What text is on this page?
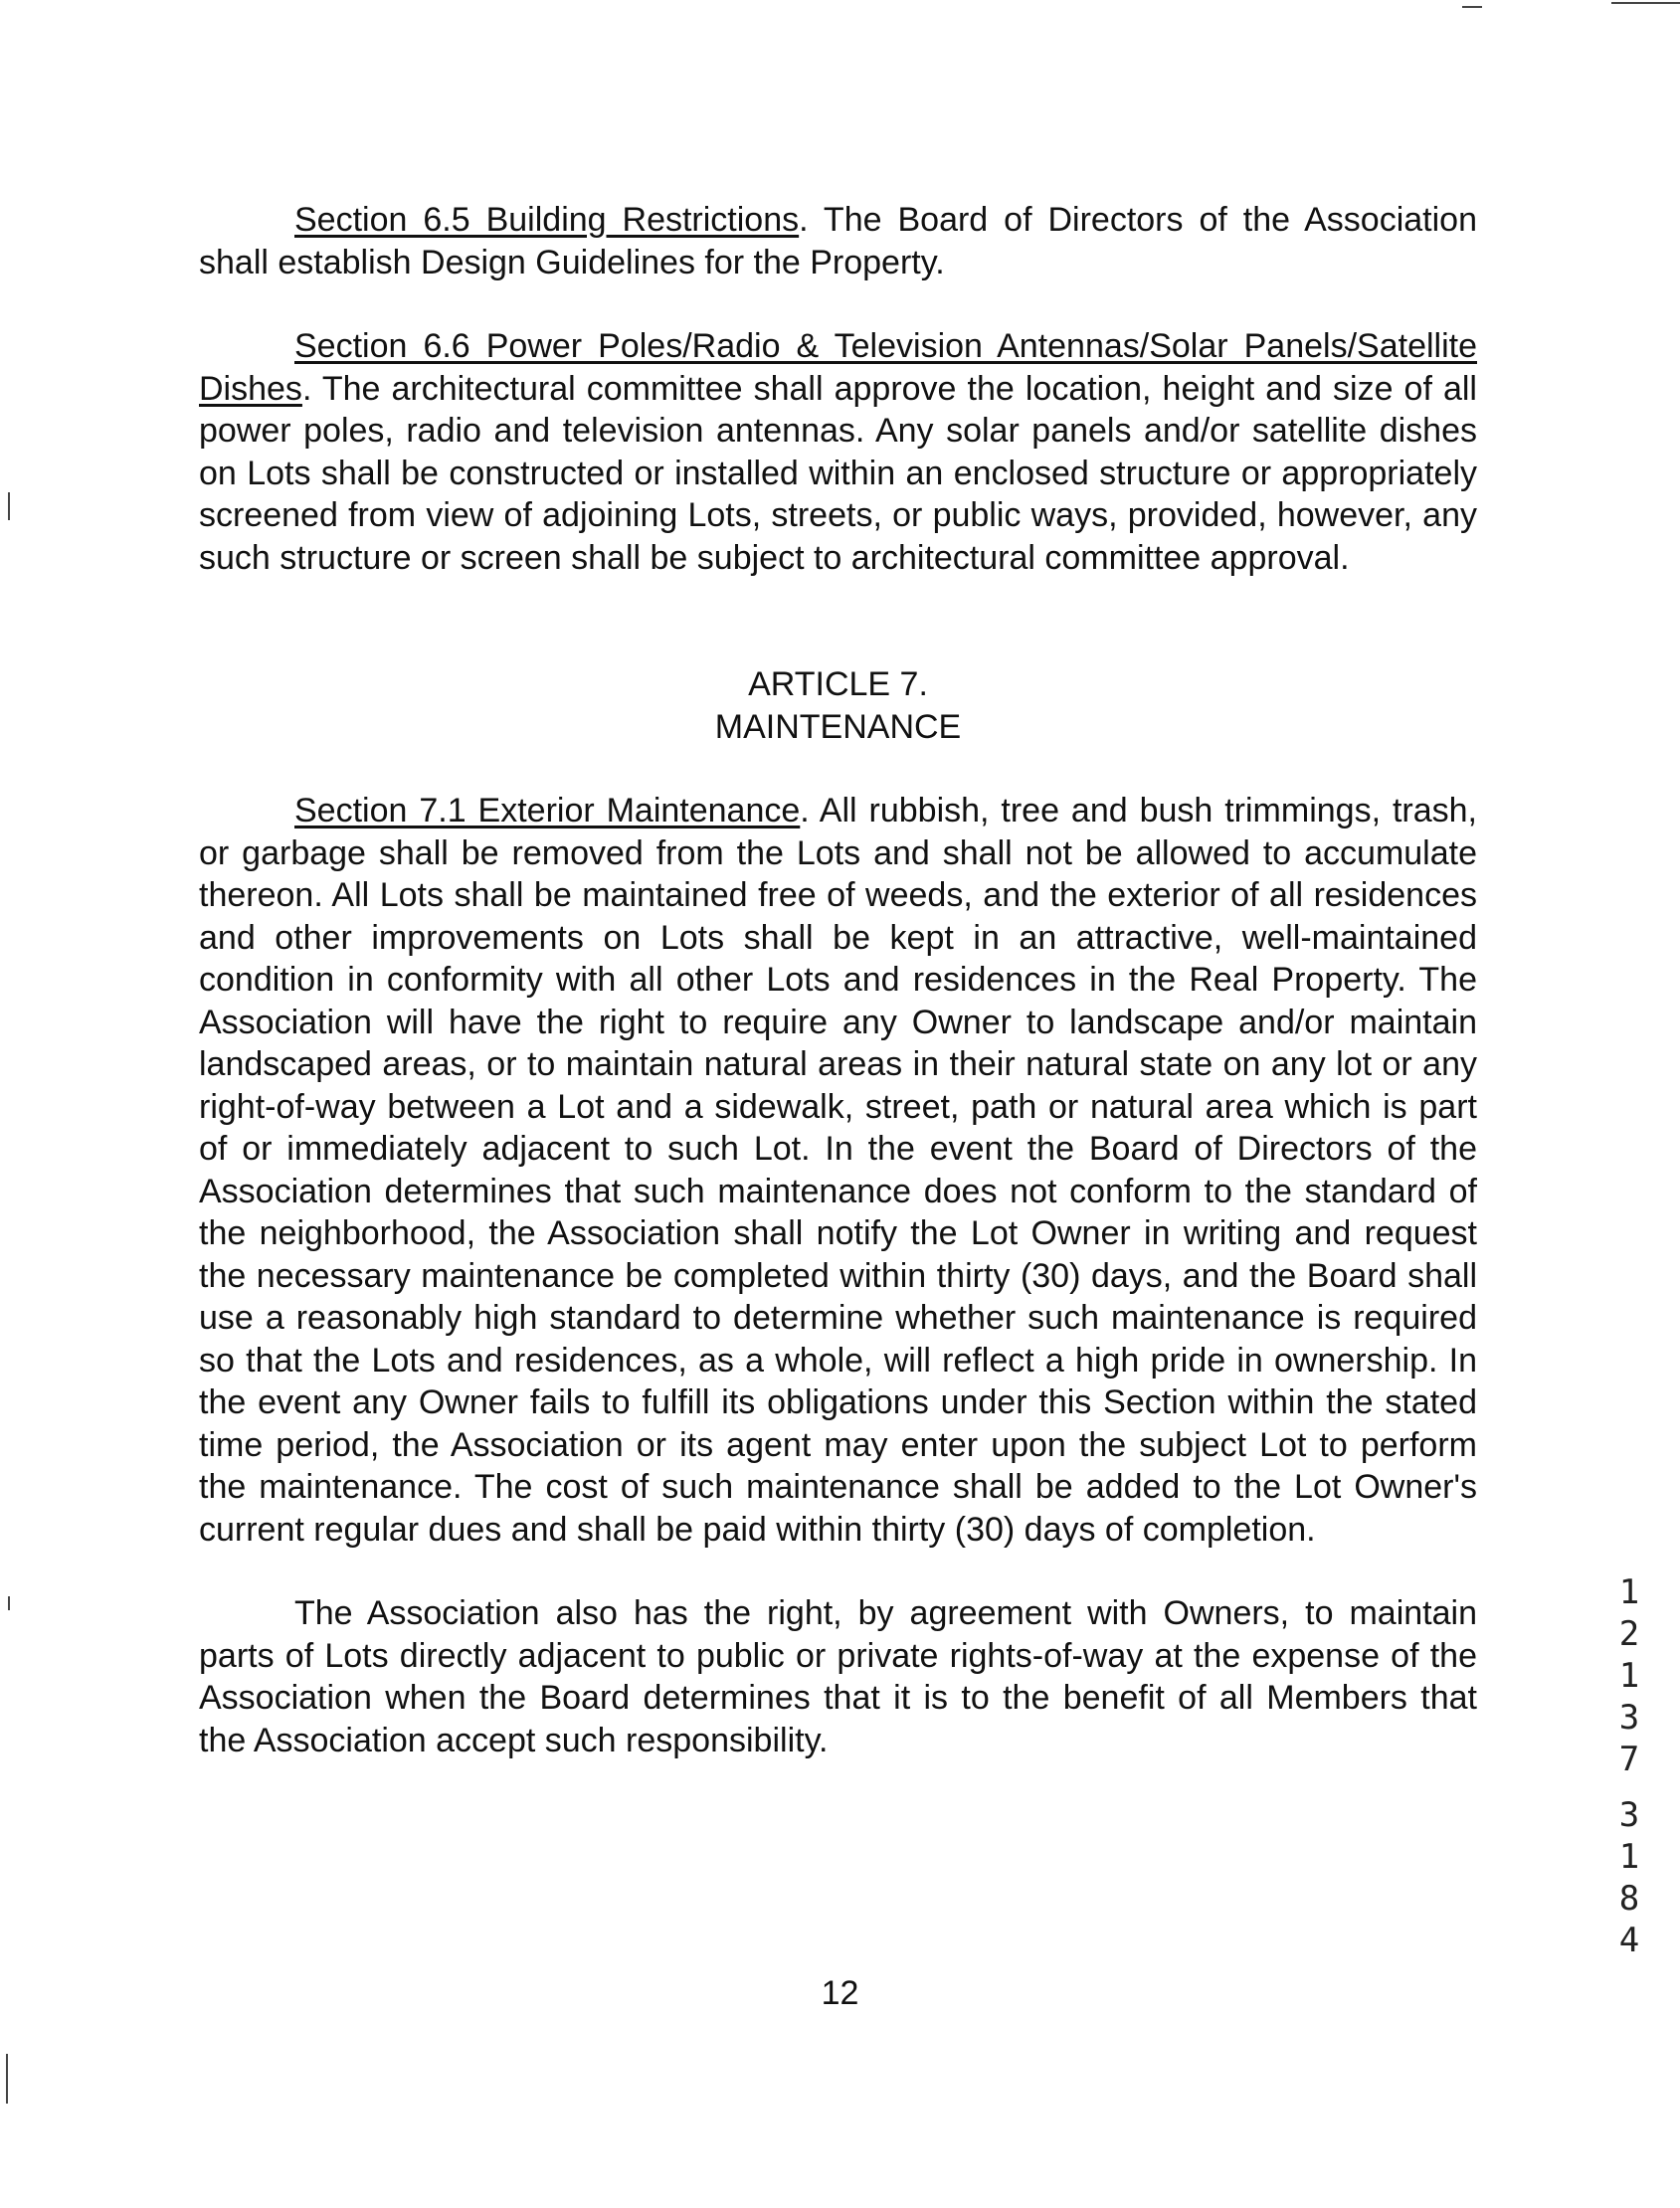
Section 6.5 Building Restrictions. The Board of Directors of the Association shall establish Design Guidelines for the Property.

Section 6.6 Power Poles/Radio & Television Antennas/Solar Panels/Satellite Dishes. The architectural committee shall approve the location, height and size of all power poles, radio and television antennas. Any solar panels and/or satellite dishes on Lots shall be constructed or installed within an enclosed structure or appropriately screened from view of adjoining Lots, streets, or public ways, provided, however, any such structure or screen shall be subject to architectural committee approval.

ARTICLE 7.

MAINTENANCE

Section 7.1 Exterior Maintenance. All rubbish, tree and bush trimmings, trash, or garbage shall be removed from the Lots and shall not be allowed to accumulate thereon. All Lots shall be maintained free of weeds, and the exterior of all residences and other improvements on Lots shall be kept in an attractive, well-maintained condition in conformity with all other Lots and residences in the Real Property. The Association will have the right to require any Owner to landscape and/or maintain landscaped areas, or to maintain natural areas in their natural state on any lot or any right-of-way between a Lot and a sidewalk, street, path or natural area which is part of or immediately adjacent to such Lot. In the event the Board of Directors of the Association determines that such maintenance does not conform to the standard of the neighborhood, the Association shall notify the Lot Owner in writing and request the necessary maintenance be completed within thirty (30) days, and the Board shall use a reasonably high standard to determine whether such maintenance is required so that the Lots and residences, as a whole, will reflect a high pride in ownership. In the event any Owner fails to fulfill its obligations under this Section within the stated time period, the Association or its agent may enter upon the subject Lot to perform the maintenance. The cost of such maintenance shall be added to the Lot Owner's current regular dues and shall be paid within thirty (30) days of completion.

The Association also has the right, by agreement with Owners, to maintain parts of Lots directly adjacent to public or private rights-of-way at the expense of the Association when the Board determines that it is to the benefit of all Members that the Association accept such responsibility.

12
1
2
1
3
7
3
1
8
4
